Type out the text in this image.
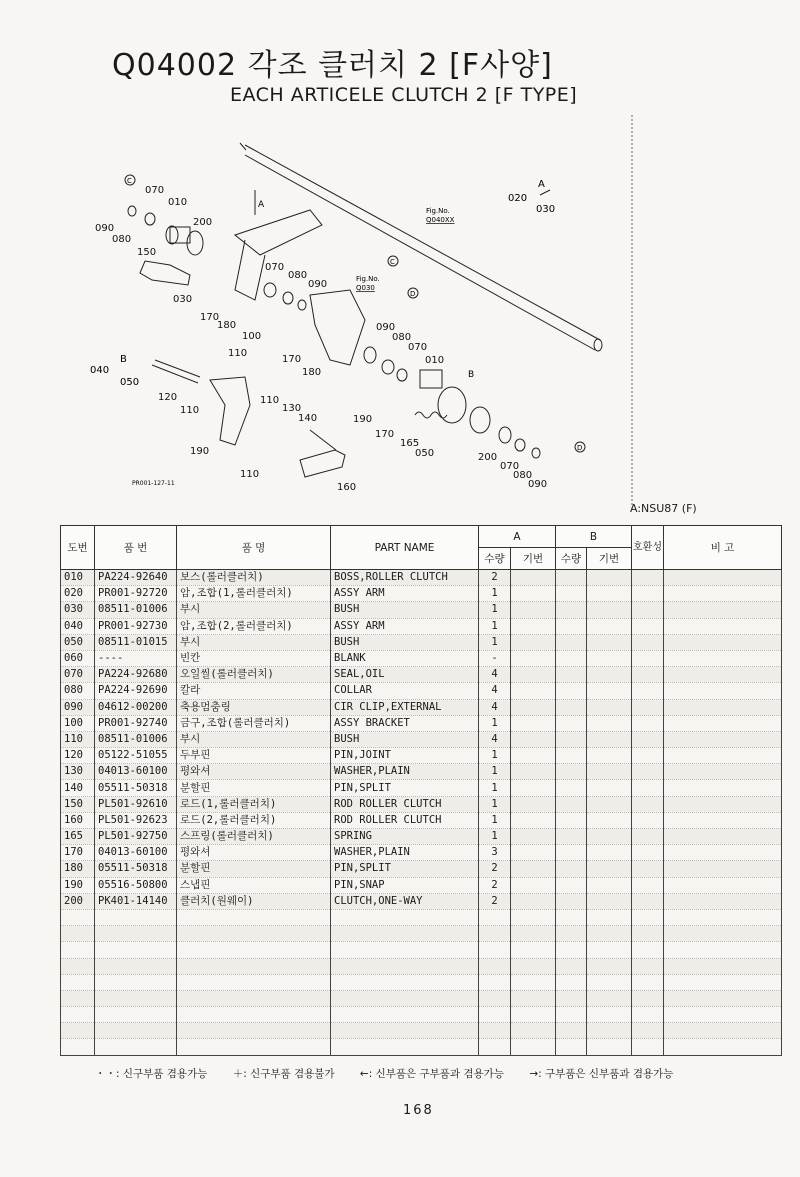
Q04002 각조 클러치 2 [F사양]
EACH ARTICELE CLUTCH 2 [F TYPE]
020
A
030
040
B
050
Fig.No.
Q040XX
Fig.No.
Q030
A
B
C
C
D
D
070
010
200
090
080
150
030
070
080
090
170
180
100
110
170
180
120
110
110
130
140
190
110
160
090
080
070
010
190
170
165
050	200
070
080
090
PR001-127-11
A:NSU87 (F)
도번	품 번	품 명	PART NAME	A		B		호환성	비 고
				수량	기번	수량	기번		
010	PA224-92640	보스(롤러클러치)	BOSS,ROLLER CLUTCH	2					
020	PR001-92720	암,조합(1,롤러클러치)	ASSY ARM	1					
030	08511-01006	부시	BUSH	1					
040	PR001-92730	암,조합(2,롤러클러치)	ASSY ARM	1					
050	08511-01015	부시	BUSH	1					
060	----	빈칸	BLANK	-					
070	PA224-92680	오일씰(롤러클러치)	SEAL,OIL	4					
080	PA224-92690	칼라	COLLAR	4					
090	04612-00200	축용멈춤링	CIR CLIP,EXTERNAL	4					
100	PR001-92740	금구,조합(롤러클러치)	ASSY BRACKET	1					
110	08511-01006	부시	BUSH	4					
120	05122-51055	두부핀	PIN,JOINT	1					
130	04013-60100	평와셔	WASHER,PLAIN	1					
140	05511-50318	분할핀	PIN,SPLIT	1					
150	PL501-92610	로드(1,롤러클러치)	ROD ROLLER CLUTCH	1					
160	PL501-92623	로드(2,롤러클러치)	ROD ROLLER CLUTCH	1					
165	PL501-92750	스프링(롤러클러치)	SPRING	1					
170	04013-60100	평와셔	WASHER,PLAIN	3					
180	05511-50318	분할핀	PIN,SPLIT	2					
190	05516-50800	스냅핀	PIN,SNAP	2					
200	PK401-14140	클러치(원웨이)	CLUTCH,ONE-WAY	2					

・・: 신구부품 겸용가능 ＋: 신구부품 겸용불가 ←: 신부품은 구부품과 겸용가능 →: 구부품은 신부품과 겸용가능
168
